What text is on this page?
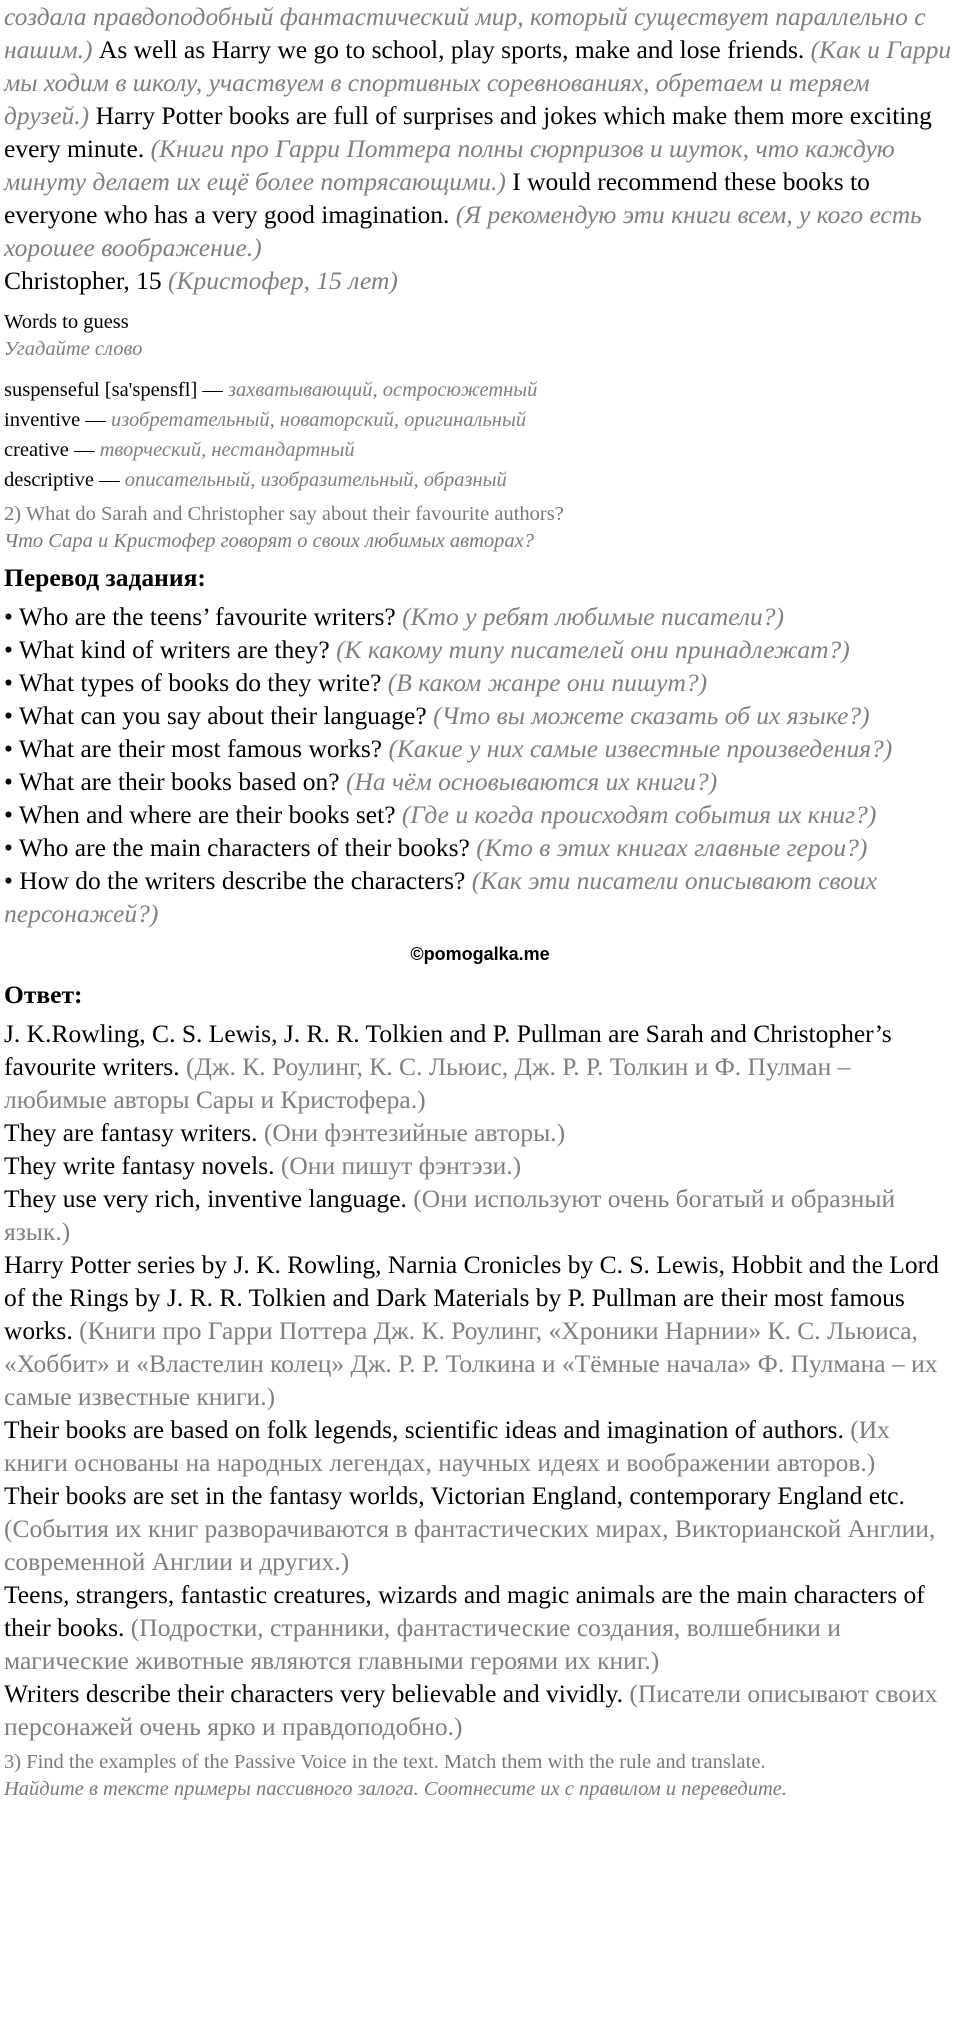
создала правдоподобный фантастический мир, который существует параллельно с нашим.) As well as Harry we go to school, play sports, make and lose friends. (Как и Гарри мы ходим в школу, участвуем в спортивных соревнованиях, обретаем и теряем друзей.) Harry Potter books are full of surprises and jokes which make them more exciting every minute. (Книги про Гарри Поттера полны сюрпризов и шуток, что каждую минуту делает их ещё более потрясающими.) I would recommend these books to everyone who has a very good imagination. (Я рекомендую эти книги всем, у кого есть хорошее воображение.)
Christopher, 15 (Кристофер, 15 лет)
Words to guess
Угадайте слово
suspenseful [sa'spensfl] — захватывающий, остросюжетный
inventive — изобретательный, новаторский, оригинальный
creative — творческий, нестандартный
descriptive — описательный, изобразительный, образный
2) What do Sarah and Christopher say about their favourite authors?
Что Сара и Кристофер говорят о своих любимых авторах?
Перевод задания:
• Who are the teens’ favourite writers? (Кто у ребят любимые писатели?)
• What kind of writers are they? (К какому типу писателей они принадлежат?)
• What types of books do they write? (В каком жанре они пишут?)
• What can you say about their language? (Что вы можете сказать об их языке?)
• What are their most famous works? (Какие у них самые известные произведения?)
• What are their books based on? (На чём основываются их книги?)
• When and where are their books set? (Где и когда происходят события их книг?)
• Who are the main characters of their books? (Кто в этих книгах главные герои?)
• How do the writers describe the characters? (Как эти писатели описывают своих персонажей?)
©pomogalka.me
Ответ:
J. K.Rowling, C. S. Lewis, J. R. R. Tolkien and P. Pullman are Sarah and Christopher’s favourite writers. (Дж. К. Роулинг, К. С. Льюис, Дж. Р. Р. Толкин и Ф. Пулман – любимые авторы Сары и Кристофера.)
They are fantasy writers. (Они фэнтезийные авторы.)
They write fantasy novels. (Они пишут фэнтэзи.)
They use very rich, inventive language. (Они используют очень богатый и образный язык.)
Harry Potter series by J. K. Rowling, Narnia Cronicles by C. S. Lewis, Hobbit and the Lord of the Rings by J. R. R. Tolkien and Dark Materials by P. Pullman are their most famous works. (Книги про Гарри Поттера Дж. К. Роулинг, «Хроники Нарнии» К. С. Льюиса, «Хоббит» и «Властелин колец» Дж. Р. Р. Толкина и «Тёмные начала» Ф. Пулмана – их самые известные книги.)
Their books are based on folk legends, scientific ideas and imagination of authors. (Их книги основаны на народных легендах, научных идеях и воображении авторов.)
Their books are set in the fantasy worlds, Victorian England, contemporary England etc. (События их книг разворачиваются в фантастических мирах, Викторианской Англии, современной Англии и других.)
Teens, strangers, fantastic creatures, wizards and magic animals are the main characters of their books. (Подростки, странники, фантастические создания, волшебники и магические животные являются главными героями их книг.)
Writers describe their characters very believable and vividly. (Писатели описывают своих персонажей очень ярко и правдоподобно.)
3) Find the examples of the Passive Voice in the text. Match them with the rule and translate.
Найдите в тексте примеры пассивного залога. Соотнесите их с правилом и переведите.
